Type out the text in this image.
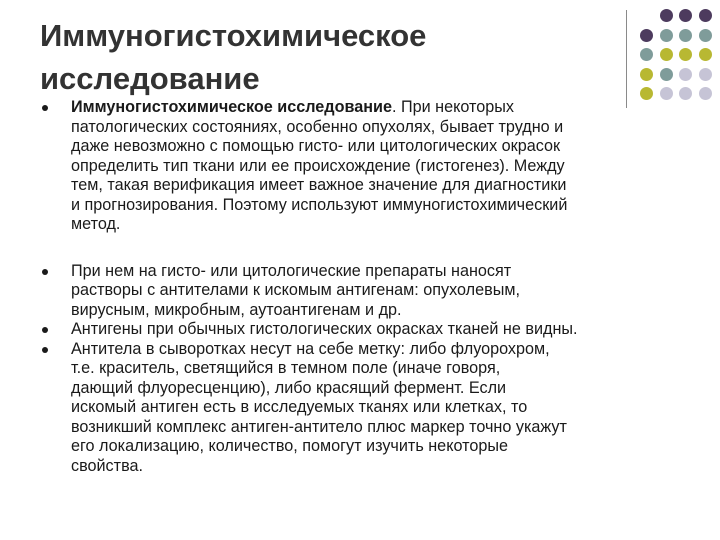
Иммуногистохимическое
исследование
Иммуногистохимическое исследование. При некоторых
патологических состояниях, особенно опухолях, бывает трудно и
даже невозможно с помощью гисто- или цитологических окрасок
определить тип ткани или ее происхождение (гистогенез). Между
тем, такая верификация имеет важное значение для диагностики
и прогнозирования. Поэтому используют иммуногистохимический
метод.
При нем на гисто- или цитологические препараты наносят
растворы с антителами к искомым антигенам: опухолевым,
вирусным, микробным, аутоантигенам и др.
Антигены при обычных гистологических окрасках тканей не видны.
Антитела в сыворотках несут на себе метку: либо флуорохром,
т.е. краситель, светящийся в темном поле (иначе говоря,
дающий флуоресценцию), либо красящий фермент. Если
искомый антиген есть в исследуемых тканях или клетках, то
возникший комплекс антиген-антитело плюс маркер точно укажут
его локализацию, количество, помогут изучить некоторые
свойства.
